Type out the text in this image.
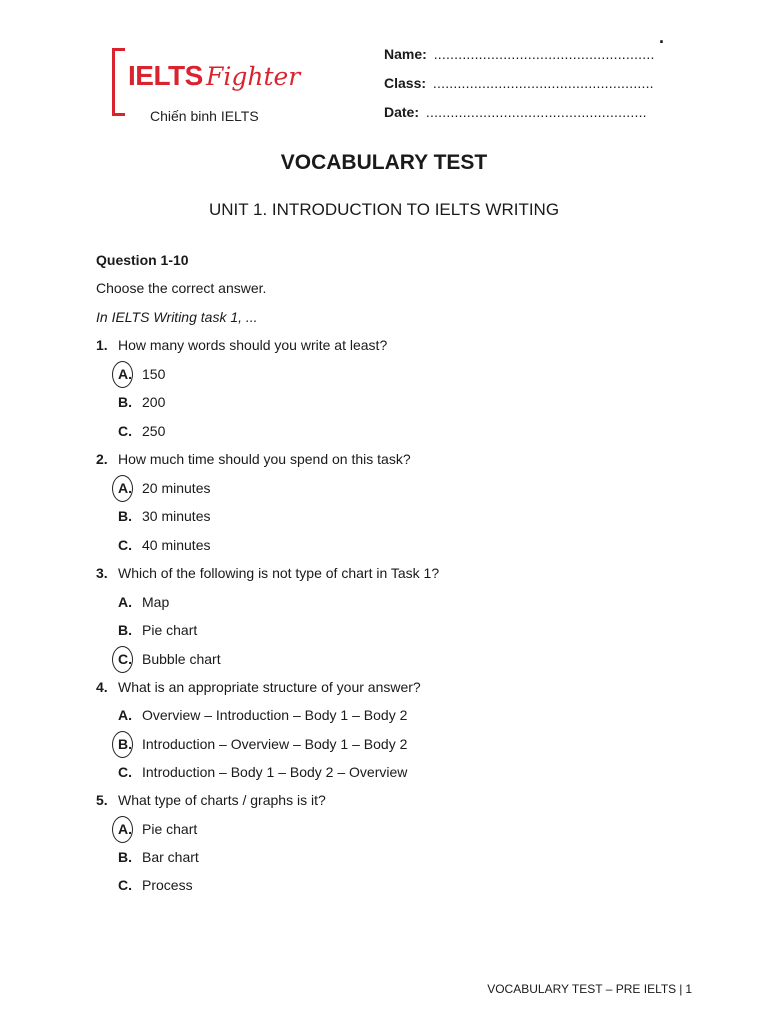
.
IELTS Fighter
Chiến binh IELTS
Name: ......................................................
Class: ......................................................
Date: ......................................................
VOCABULARY TEST
UNIT 1. INTRODUCTION TO IELTS WRITING
Question 1-10
Choose the correct answer.
In IELTS Writing task 1, ...
1. How many words should you write at least?
A. 150
B. 200
C. 250
2. How much time should you spend on this task?
A. 20 minutes
B. 30 minutes
C. 40 minutes
3. Which of the following is not type of chart in Task 1?
A. Map
B. Pie chart
C. Bubble chart
4. What is an appropriate structure of your answer?
A. Overview – Introduction – Body 1 – Body 2
B. Introduction – Overview – Body 1 – Body 2
C. Introduction – Body 1 – Body 2 – Overview
5. What type of charts / graphs is it?
A. Pie chart
B. Bar chart
C. Process
VOCABULARY TEST – PRE IELTS | 1
